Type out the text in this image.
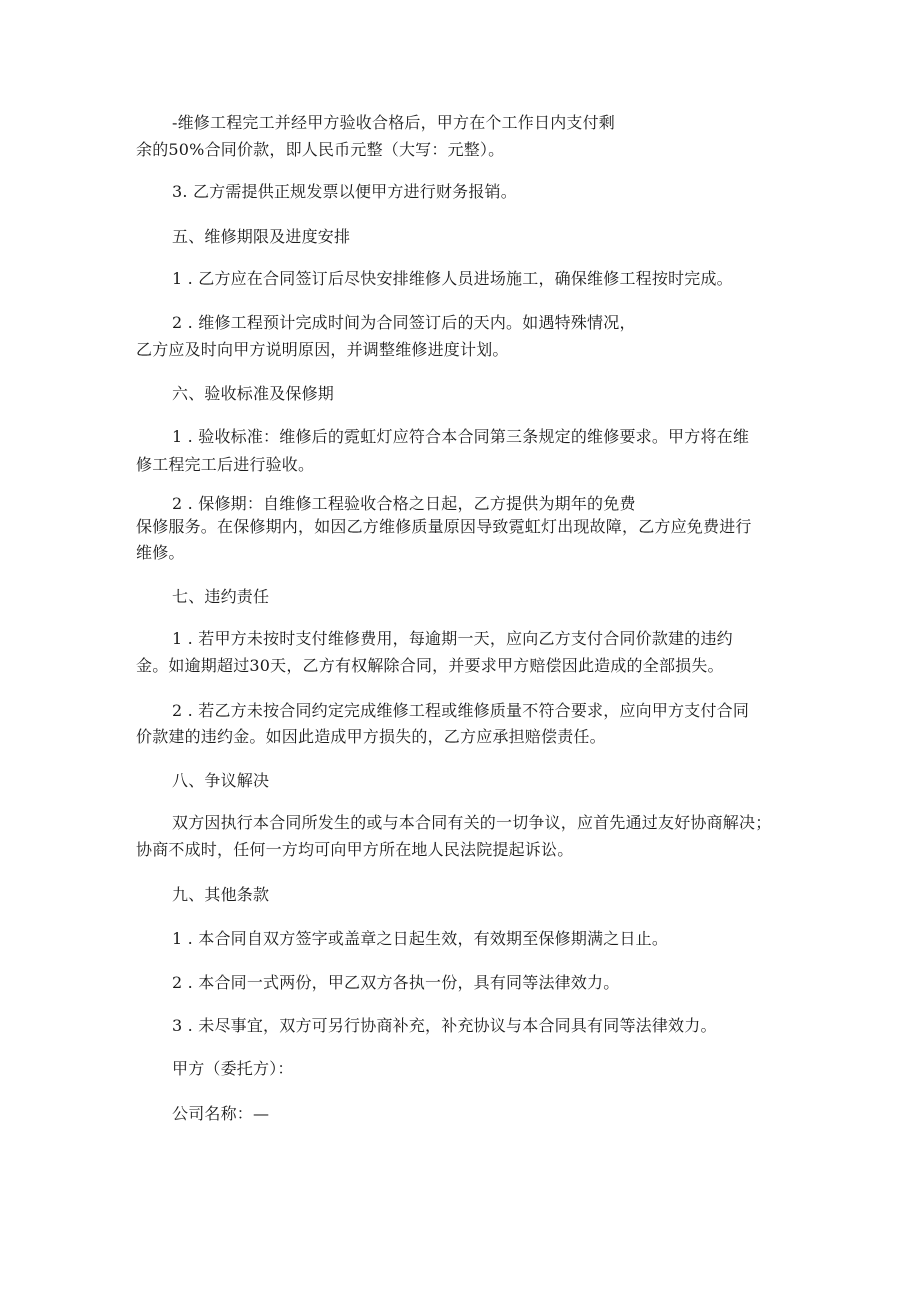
-维修工程完工并经甲方验收合格后，甲方在个工作日内支付剩
余的50%合同价款，即人民币元整（大写：元整）。
3. 乙方需提供正规发票以便甲方进行财务报销。
五、维修期限及进度安排
1 . 乙方应在合同签订后尽快安排维修人员进场施工，确保维修工程按时完成。
2 . 维修工程预计完成时间为合同签订后的天内。如遇特殊情况，
乙方应及时向甲方说明原因，并调整维修进度计划。
六、验收标准及保修期
1 . 验收标准：维修后的霓虹灯应符合本合同第三条规定的维修要求。甲方将在维
修工程完工后进行验收。
2 . 保修期：自维修工程验收合格之日起，乙方提供为期年的免费
保修服务。在保修期内，如因乙方维修质量原因导致霓虹灯出现故障，乙方应免费进行
维修。
七、违约责任
1 . 若甲方未按时支付维修费用，每逾期一天，应向乙方支付合同价款建的违约
金。如逾期超过30天，乙方有权解除合同，并要求甲方赔偿因此造成的全部损失。
2 . 若乙方未按合同约定完成维修工程或维修质量不符合要求，应向甲方支付合同
价款建的违约金。如因此造成甲方损失的，乙方应承担赔偿责任。
八、争议解决
双方因执行本合同所发生的或与本合同有关的一切争议，应首先通过友好协商解决；
协商不成时，任何一方均可向甲方所在地人民法院提起诉讼。
九、其他条款
1 . 本合同自双方签字或盖章之日起生效，有效期至保修期满之日止。
2 . 本合同一式两份，甲乙双方各执一份，具有同等法律效力。
3 . 未尽事宜，双方可另行协商补充，补充协议与本合同具有同等法律效力。
甲方（委托方）：
公司名称：—
